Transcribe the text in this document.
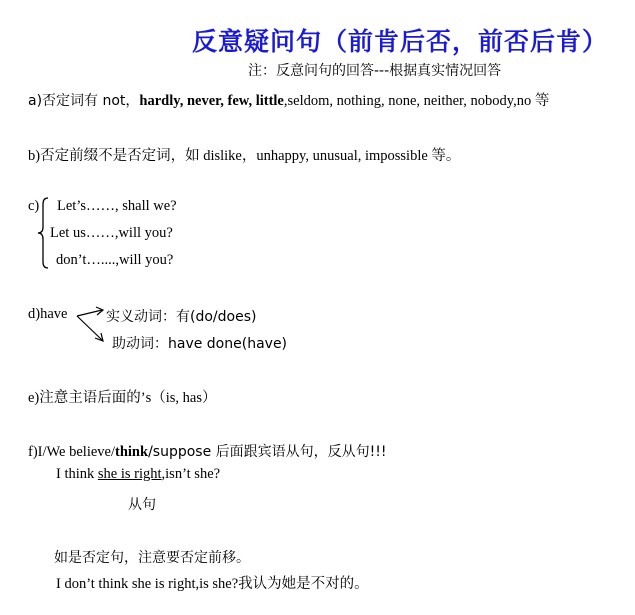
反意疑问句（前肯后否，前否后肯）
注：反意问句的回答---根据真实情况回答
a)否定词有 not，hardly, never, few, little,seldom, nothing, none, neither, nobody,no 等
b)否定前缀不是否定词，如 dislike，unhappy, unusual, impossible 等。
c) Let’s……, shall we?
Let us……,will you?
don’t…....,will you?
d)have	实义动词：有(do/does)
助动词：have done(have)
e)注意主语后面的’s（is, has）
f)I/We believe/think/suppose 后面跟宾语从句，反从句!!!
I think she is right,isn’t she?
从句
如是否定句，注意要否定前移。
I don’t think she is right,is she?我认为她是不对的。
